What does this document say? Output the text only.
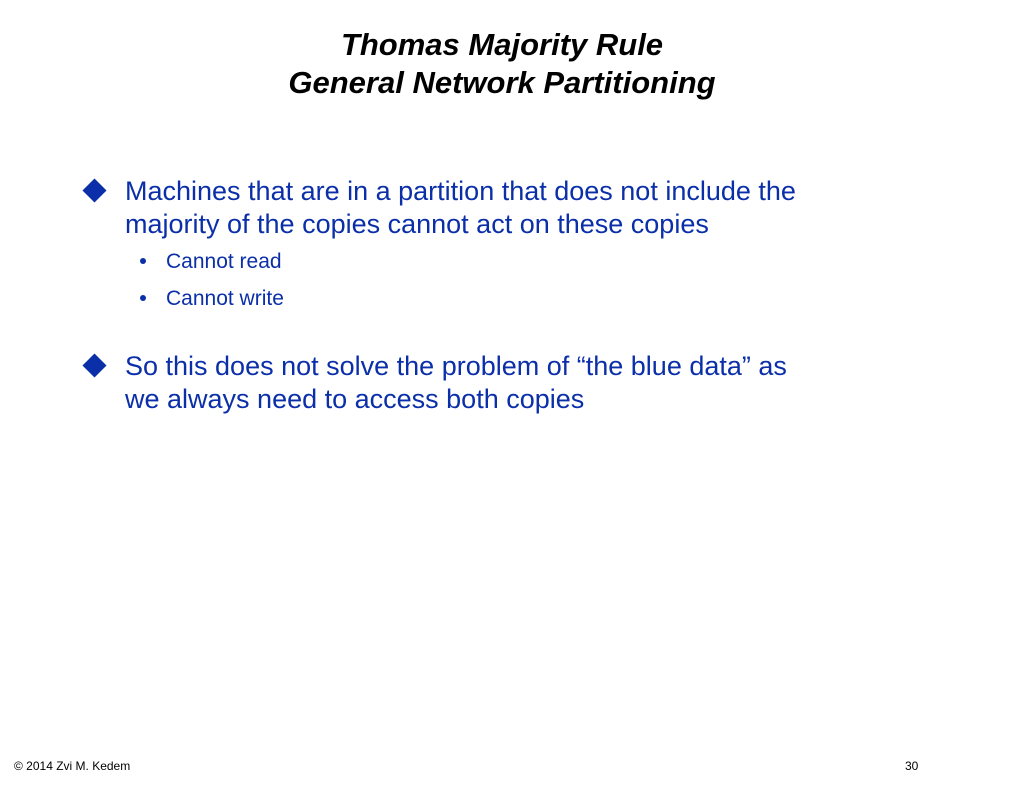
Thomas Majority Rule
General Network Partitioning
Machines that are in a partition that does not include the
majority of the copies cannot act on these copies
Cannot read
Cannot write
So this does not solve the problem of “the blue data” as
we always need to access both copies
© 2014 Zvi M. Kedem	30
